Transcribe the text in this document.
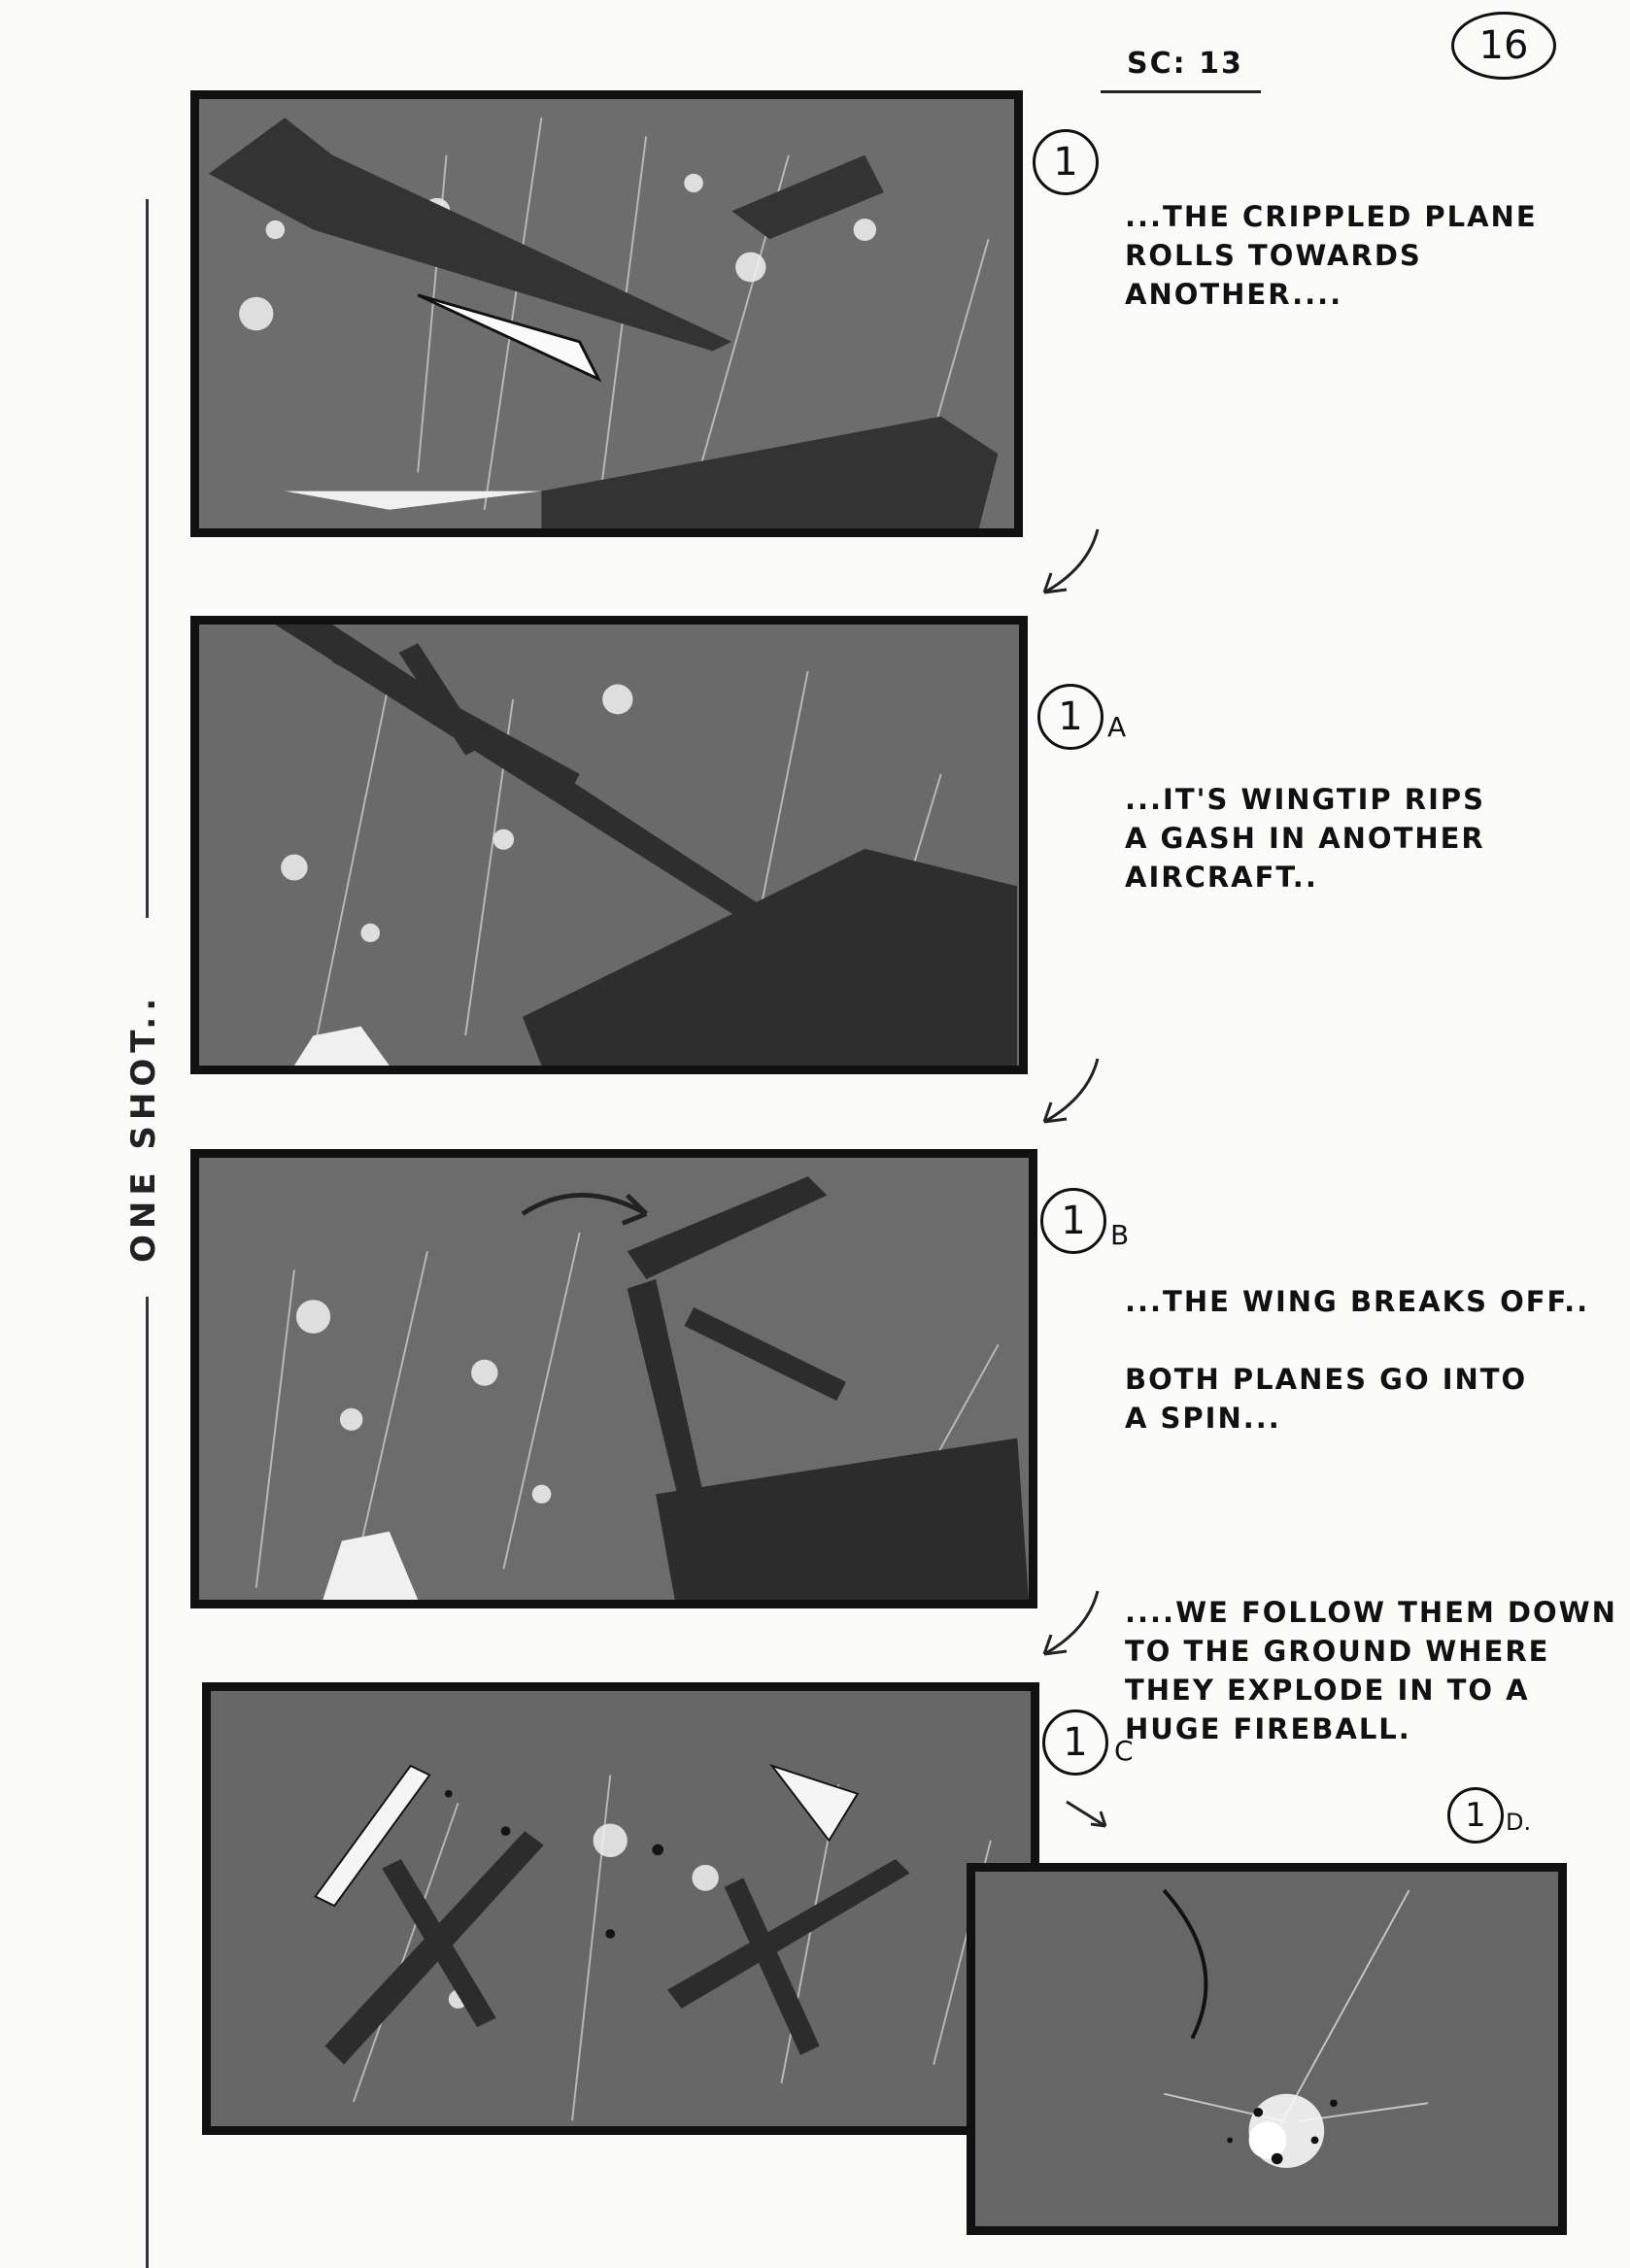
SC: 13	16
ONE SHOT..
1
...THE CRIPPLED PLANE
ROLLS TOWARDS
ANOTHER....
1 A
...IT'S WINGTIP RIPS
A GASH IN ANOTHER
AIRCRAFT..
1 B
...THE WING BREAKS OFF..

BOTH PLANES GO INTO
A SPIN...
....WE FOLLOW THEM DOWN
TO THE GROUND WHERE
THEY EXPLODE IN TO A
HUGE FIREBALL.
1 C
1 D.
